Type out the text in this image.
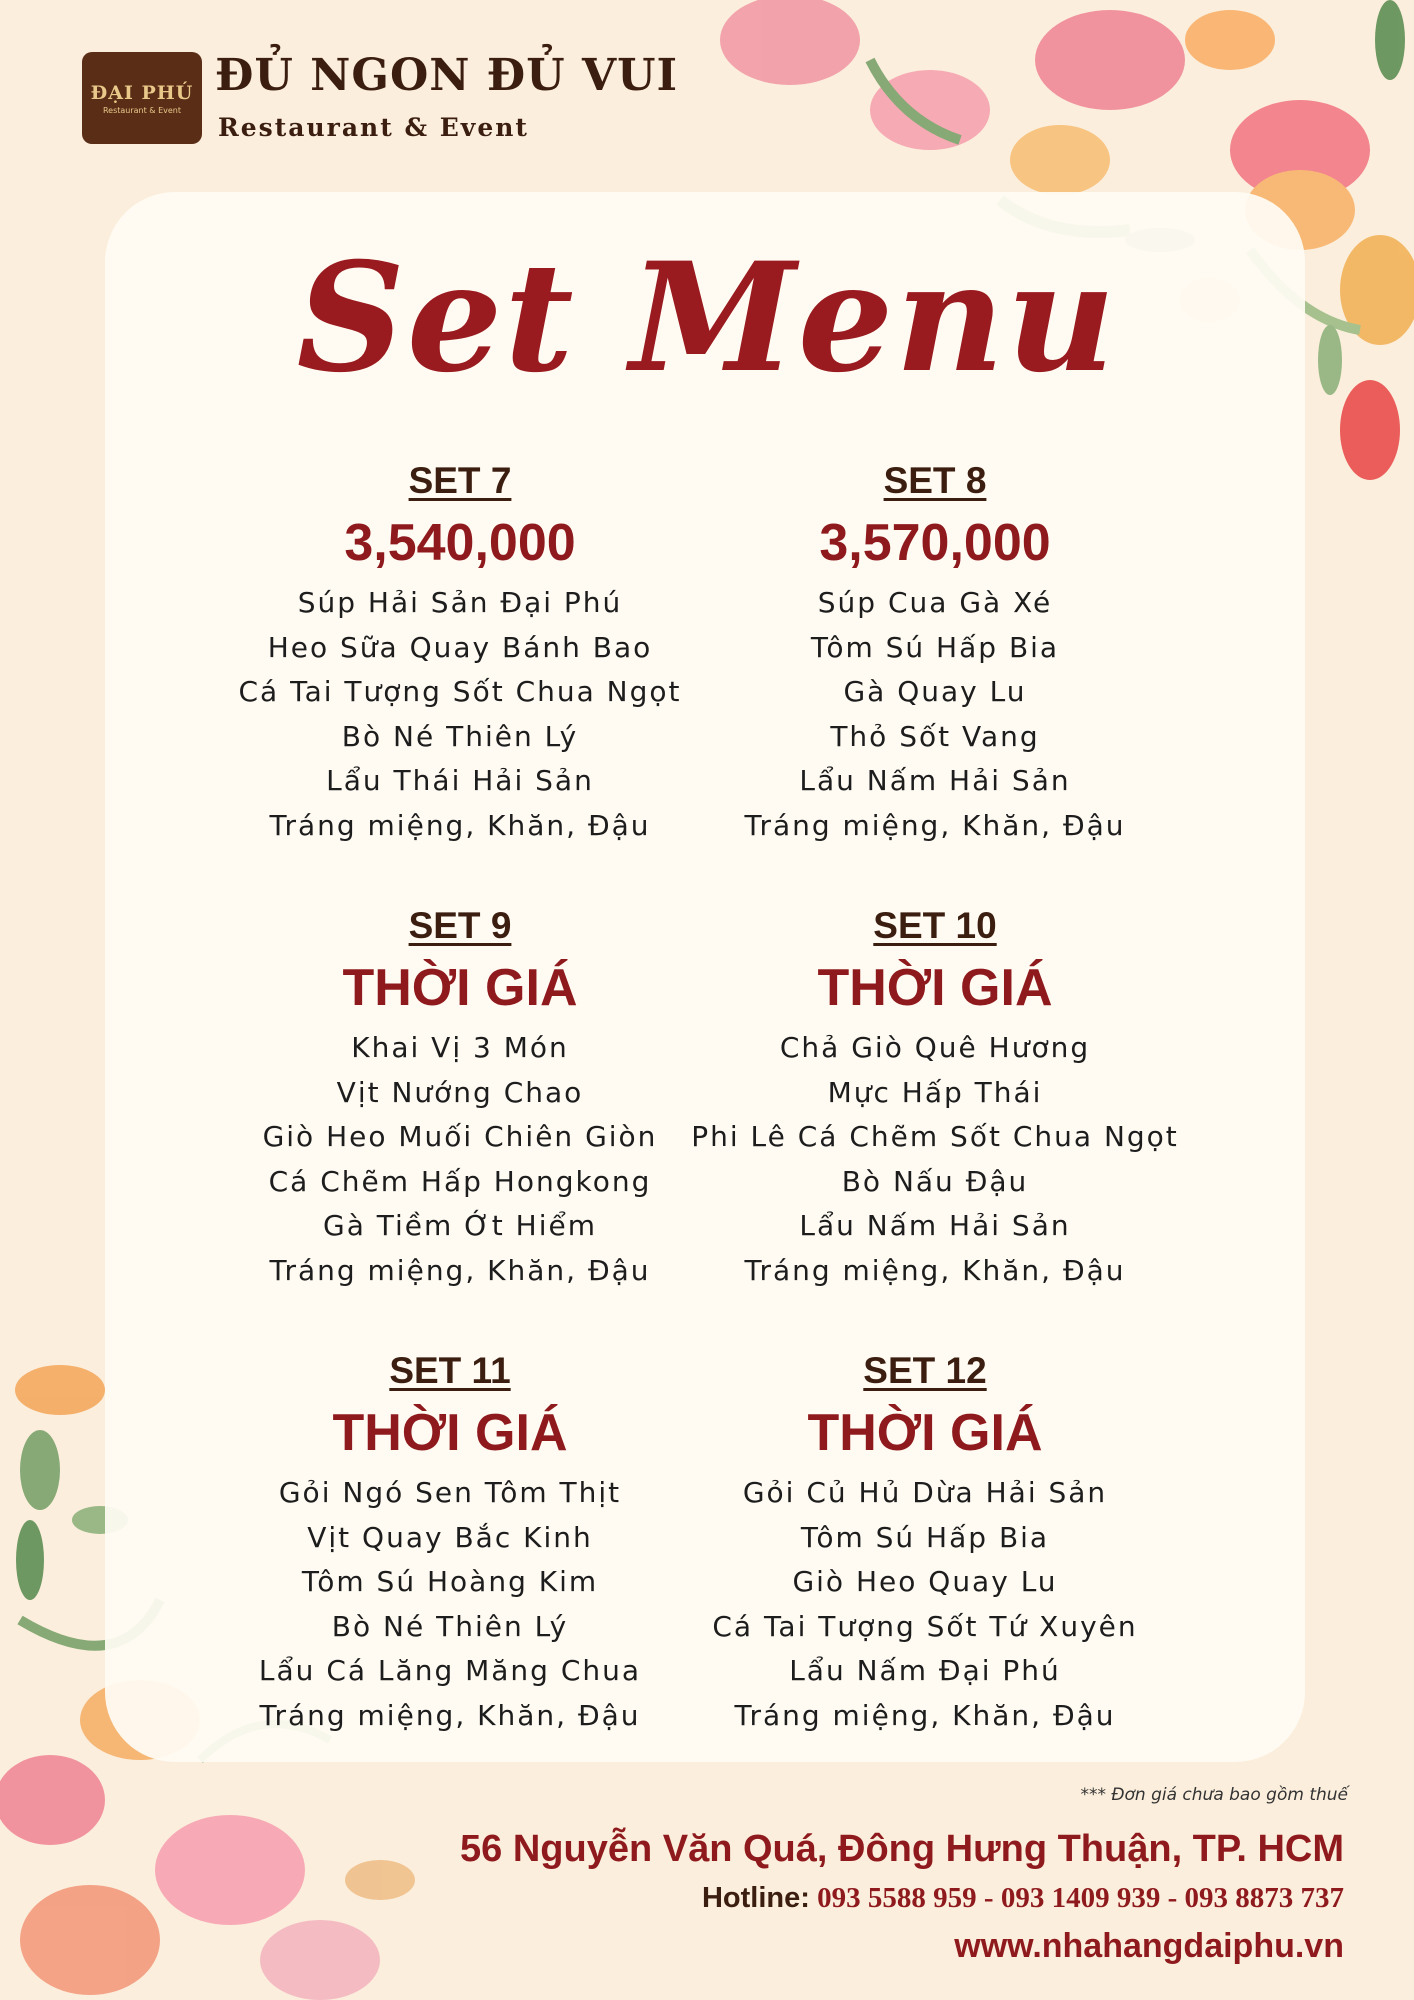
ĐẠI PHÚ
Restaurant & Event
ĐỦ NGON ĐỦ VUI
Restaurant & Event
Set Menu
SET 7
3,540,000
Súp Hải Sản Đại Phú
Heo Sữa Quay Bánh Bao
Cá Tai Tượng Sốt Chua Ngọt
Bò Né Thiên Lý
Lẩu Thái Hải Sản
Tráng miệng, Khăn, Đậu
SET 8
3,570,000
Súp Cua Gà Xé
Tôm Sú Hấp Bia
Gà Quay Lu
Thỏ Sốt Vang
Lẩu Nấm Hải Sản
Tráng miệng, Khăn, Đậu
SET 9
THỜI GIÁ
Khai Vị 3 Món
Vịt Nướng Chao
Giò Heo Muối Chiên Giòn
Cá Chẽm Hấp Hongkong
Gà Tiềm Ớt Hiểm
Tráng miệng, Khăn, Đậu
SET 10
THỜI GIÁ
Chả Giò Quê Hương
Mực Hấp Thái
Phi Lê Cá Chẽm Sốt Chua Ngọt
Bò Nấu Đậu
Lẩu Nấm Hải Sản
Tráng miệng, Khăn, Đậu
SET 11
THỜI GIÁ
Gỏi Ngó Sen Tôm Thịt
Vịt Quay Bắc Kinh
Tôm Sú Hoàng Kim
Bò Né Thiên Lý
Lẩu Cá Lăng Măng Chua
Tráng miệng, Khăn, Đậu
SET 12
THỜI GIÁ
Gỏi Củ Hủ Dừa Hải Sản
Tôm Sú Hấp Bia
Giò Heo Quay Lu
Cá Tai Tượng Sốt Tứ Xuyên
Lẩu Nấm Đại Phú
Tráng miệng, Khăn, Đậu
*** Đơn giá chưa bao gồm thuế
56 Nguyễn Văn Quá, Đông Hưng Thuận, TP. HCM
Hotline: 093 5588 959 - 093 1409 939 - 093 8873 737
www.nhahangdaiphu.vn
